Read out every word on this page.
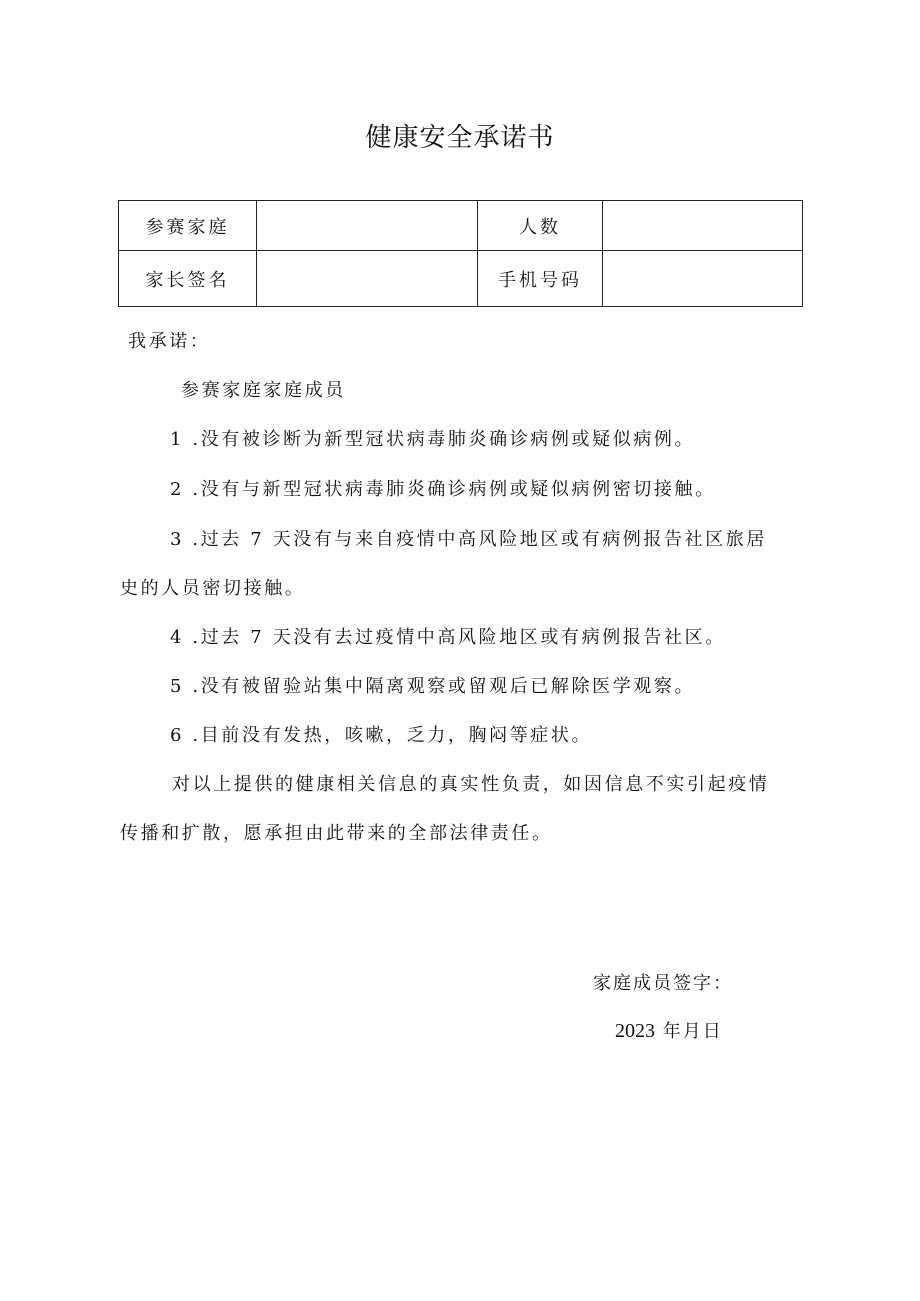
健康安全承诺书
参赛家庭		人数	
家长签名		手机号码	
我承诺：
参赛家庭家庭成员
1 .没有被诊断为新型冠状病毒肺炎确诊病例或疑似病例。
2 .没有与新型冠状病毒肺炎确诊病例或疑似病例密切接触。
3 .过去 7 天没有与来自疫情中高风险地区或有病例报告社区旅居
史的人员密切接触。
4 .过去 7 天没有去过疫情中高风险地区或有病例报告社区。
5 .没有被留验站集中隔离观察或留观后已解除医学观察。
6 .目前没有发热，咳嗽，乏力，胸闷等症状。
对以上提供的健康相关信息的真实性负责，如因信息不实引起疫情
传播和扩散，愿承担由此带来的全部法律责任。
家庭成员签字：
2023 年月日
